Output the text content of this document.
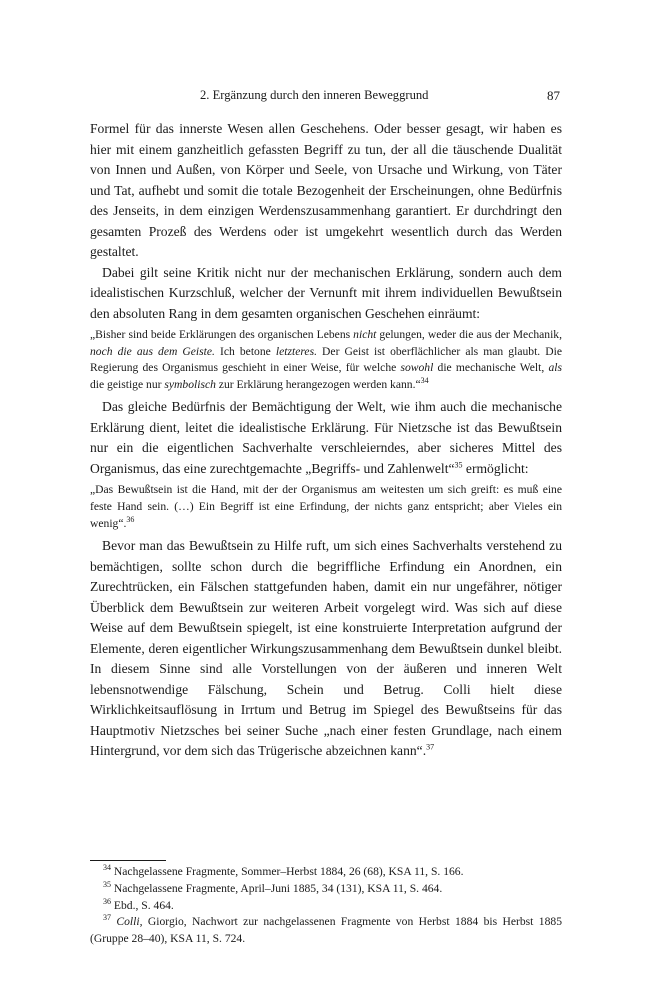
2. Ergänzung durch den inneren Beweggrund	87

Formel für das innerste Wesen allen Geschehens. Oder besser gesagt, wir haben es hier mit einem ganzheitlich gefassten Begriff zu tun, der all die täuschende Dualität von Innen und Außen, von Körper und Seele, von Ursache und Wirkung, von Täter und Tat, aufhebt und somit die totale Bezogenheit der Erscheinungen, ohne Bedürfnis des Jenseits, in dem einzigen Werdenszusammenhang garantiert. Er durchdringt den gesamten Prozeß des Werdens oder ist umgekehrt wesentlich durch das Werden gestaltet.

Dabei gilt seine Kritik nicht nur der mechanischen Erklärung, sondern auch dem idealistischen Kurzschluß, welcher der Vernunft mit ihrem individuellen Bewußtsein den absoluten Rang in dem gesamten organischen Geschehen einräumt:

„Bisher sind beide Erklärungen des organischen Lebens nicht gelungen, weder die aus der Mechanik, noch die aus dem Geiste. Ich betone letzteres. Der Geist ist oberflächlicher als man glaubt. Die Regierung des Organismus geschieht in einer Weise, für welche sowohl die mechanische Welt, als die geistige nur symbolisch zur Erklärung herangezogen werden kann.“$^{34}$

Das gleiche Bedürfnis der Bemächtigung der Welt, wie ihm auch die mechanische Erklärung dient, leitet die idealistische Erklärung. Für Nietzsche ist das Bewußtsein nur ein die eigentlichen Sachverhalte verschleierndes, aber sicheres Mittel des Organismus, das eine zurechtgemachte „Begriffs- und Zahlenwelt“$^{35}$ ermöglicht:

„Das Bewußtsein ist die Hand, mit der der Organismus am weitesten um sich greift: es muß eine feste Hand sein. (…) Ein Begriff ist eine Erfindung, der nichts ganz entspricht; aber Vieles ein wenig“.$^{36}$

Bevor man das Bewußtsein zu Hilfe ruft, um sich eines Sachverhalts verstehend zu bemächtigen, sollte schon durch die begriffliche Erfindung ein Anordnen, ein Zurechtrücken, ein Fälschen stattgefunden haben, damit ein nur ungefährer, nötiger Überblick dem Bewußtsein zur weiteren Arbeit vorgelegt wird. Was sich auf diese Weise auf dem Bewußtsein spiegelt, ist eine konstruierte Interpretation aufgrund der Elemente, deren eigentlicher Wirkungszusammenhang dem Bewußtsein dunkel bleibt. In diesem Sinne sind alle Vorstellungen von der äußeren und inneren Welt lebensnotwendige Fälschung, Schein und Betrug. Colli hielt diese Wirklichkeitsauflösung in Irrtum und Betrug im Spiegel des Bewußtseins für das Hauptmotiv Nietzsches bei seiner Suche „nach einer festen Grundlage, nach einem Hintergrund, vor dem sich das Trügerische abzeichnen kann“.$^{37}$

$^{34}$ Nachgelassene Fragmente, Sommer–Herbst 1884, 26 (68), KSA 11, S. 166.

$^{35}$ Nachgelassene Fragmente, April–Juni 1885, 34 (131), KSA 11, S. 464.

$^{36}$ Ebd., S. 464.

$^{37}$ Colli, Giorgio, Nachwort zur nachgelassenen Fragmente von Herbst 1884 bis Herbst 1885 (Gruppe 28–40), KSA 11, S. 724.
